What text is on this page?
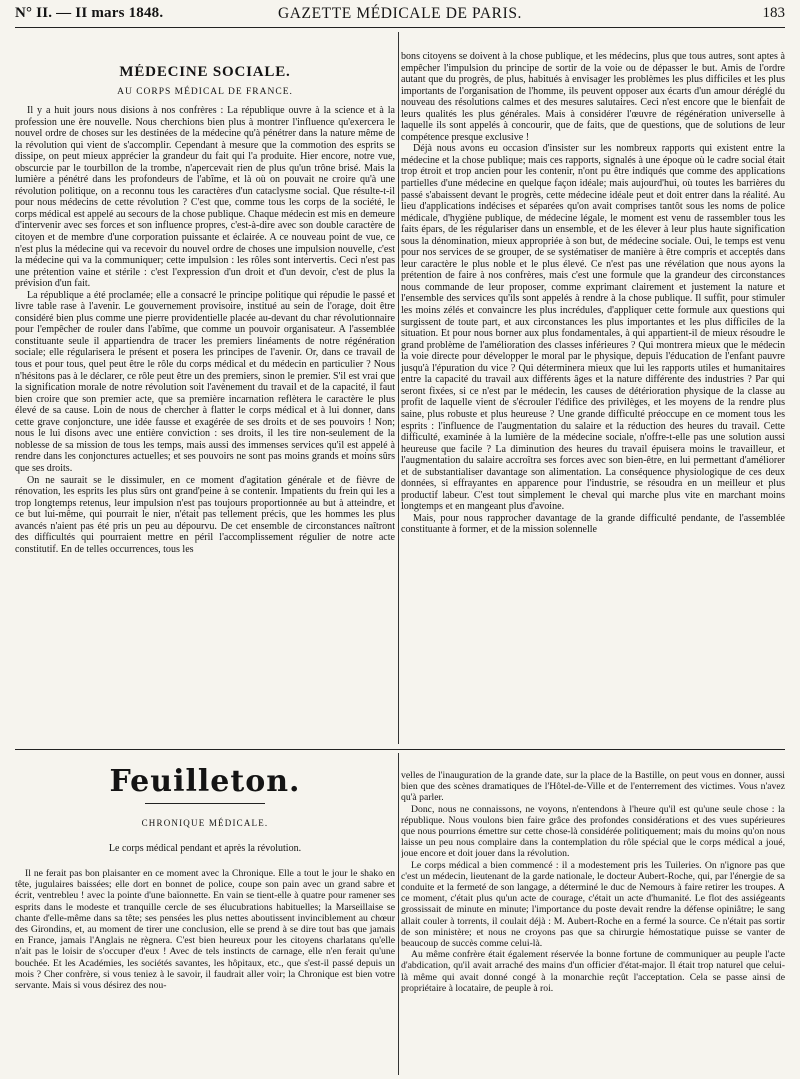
N° II. — II mars 1848.	GAZETTE MÉDICALE DE PARIS.	183
MÉDECINE SOCIALE.
AU CORPS MÉDICAL DE FRANCE.

Il y a huit jours nous disions à nos confrères : La république ouvre à la science et à la profession une ère nouvelle. Nous cherchions bien plus à montrer l'influence qu'exercera le nouvel ordre de choses sur les destinées de la médecine qu'à pénétrer dans la nature même de la révolution qui vient de s'accomplir. Cependant à mesure que la commotion des esprits se dissipe, on peut mieux apprécier la grandeur du fait qui l'a produite. Hier encore, notre vue, obscurcie par le tourbillon de la trombe, n'apercevait rien de plus qu'un trône brisé. Mais la lumière a pénétré dans les profondeurs de l'abîme, et là où on pouvait ne croire qu'à une révolution politique, on a reconnu tous les caractères d'un cataclysme social. Que résulte-t-il pour nous médecins de cette révolution ? C'est que, comme tous les corps de la société, le corps médical est appelé au secours de la chose publique. Chaque médecin est mis en demeure d'intervenir avec ses forces et son influence propres, c'est-à-dire avec son double caractère de citoyen et de membre d'une corporation puissante et éclairée. A ce nouveau point de vue, ce n'est plus la médecine qui va recevoir du nouvel ordre de choses une impulsion nouvelle, c'est la médecine qui va la communiquer; cette impulsion : les rôles sont intervertis. Ceci n'est pas une prétention vaine et stérile : c'est l'expression d'un droit et d'un devoir, c'est de plus la prévision d'un fait.

La république a été proclamée; elle a consacré le principe politique qui répudie le passé et livre table rase à l'avenir. Le gouvernement provisoire, institué au sein de l'orage, doit être considéré bien plus comme une pierre providentielle placée au-devant du char révolutionnaire pour l'empêcher de rouler dans l'abîme, que comme un pouvoir organisateur. A l'assemblée constituante seule il appartiendra de tracer les premiers linéaments de notre régénération sociale; elle régularisera le présent et posera les principes de l'avenir. Or, dans ce travail de tous et pour tous, quel peut être le rôle du corps médical et du médecin en particulier ? Nous n'hésitons pas à le déclarer, ce rôle peut être un des premiers, sinon le premier. S'il est vrai que la signification morale de notre révolution soit l'avènement du travail et de la capacité, il faut bien croire que son premier acte, que sa première incarnation reflètera le caractère le plus élevé de sa cause. Loin de nous de chercher à flatter le corps médical et à lui donner, dans cette grave conjoncture, une idée fausse et exagérée de ses droits et de ses pouvoirs ! Non; nous le lui disons avec une entière conviction : ses droits, il les tire non-seulement de la noblesse de sa mission de tous les temps, mais aussi des immenses services qu'il est appelé à rendre dans les conjonctures actuelles; et ses pouvoirs ne sont pas moins grands et moins sûrs que ses droits.

On ne saurait se le dissimuler, en ce moment d'agitation générale et de fièvre de rénovation, les esprits les plus sûrs ont grand'peine à se contenir. Impatients du frein qui les a trop longtemps retenus, leur impulsion n'est pas toujours proportionnée au but à atteindre, et ce but lui-même, qui pourrait le nier, n'était pas tellement précis, que les hommes les plus avancés n'aient pas été pris un peu au dépourvu. De cet ensemble de circonstances naîtront des difficultés qui pourraient mettre en péril l'accomplissement régulier de notre acte constitutif. En de telles occurrences, tous les

bons citoyens se doivent à la chose publique, et les médecins, plus que tous autres, sont aptes à empêcher l'impulsion du principe de sortir de la voie ou de dépasser le but. Amis de l'ordre autant que du progrès, de plus, habitués à envisager les problèmes les plus difficiles et les plus importants de l'organisation de l'homme, ils peuvent opposer aux écarts d'un amour déréglé du nouveau des résolutions calmes et des mesures salutaires. Ceci n'est encore que le bienfait de leurs qualités les plus générales. Mais à considérer l'œuvre de régénération universelle à laquelle ils sont appelés à concourir, que de faits, que de questions, que de solutions de leur compétence presque exclusive !

Déjà nous avons eu occasion d'insister sur les nombreux rapports qui existent entre la médecine et la chose publique; mais ces rapports, signalés à une époque où le cadre social était trop étroit et trop ancien pour les contenir, n'ont pu être indiqués que comme des applications partielles d'une médecine en quelque façon idéale; mais aujourd'hui, où toutes les barrières du passé s'abaissent devant le progrès, cette médecine idéale peut et doit entrer dans la réalité. Au lieu d'applications indécises et séparées qu'on avait comprises tantôt sous les noms de police médicale, d'hygiène publique, de médecine légale, le moment est venu de rassembler tous les faits épars, de les régulariser dans un ensemble, et de les élever à leur plus haute signification sous la dénomination, mieux appropriée à son but, de médecine sociale. Oui, le temps est venu pour nos services de se grouper, de se systématiser de manière à être compris et acceptés dans leur caractère le plus noble et le plus élevé. Ce n'est pas une révélation que nous ayons la prétention de faire à nos confrères, mais c'est une formule que la grandeur des circonstances nous commande de leur proposer, comme exprimant clairement et justement la nature et l'ensemble des services qu'ils sont appelés à rendre à la chose publique. Il suffit, pour stimuler les moins zélés et convaincre les plus incrédules, d'appliquer cette formule aux questions qui surgissent de toute part, et aux circonstances les plus importantes et les plus difficiles de la situation. Et pour nous borner aux plus fondamentales, à qui appartient-il de mieux résoudre le grand problème de l'amélioration des classes inférieures ? Qui montrera mieux que le médecin la voie directe pour développer le moral par le physique, depuis l'éducation de l'enfant pauvre jusqu'à l'épuration du vice ? Qui déterminera mieux que lui les rapports utiles et humanitaires entre la capacité du travail aux différents âges et la nature différente des industries ? Par qui seront fixées, si ce n'est par le médecin, les causes de détérioration physique de la classe au profit de laquelle vient de s'écrouler l'édifice des privilèges, et les moyens de la rendre plus saine, plus robuste et plus heureuse ? Une grande difficulté préoccupe en ce moment tous les esprits : l'influence de l'augmentation du salaire et la réduction des heures du travail. Cette difficulté, examinée à la lumière de la médecine sociale, n'offre-t-elle pas une solution aussi heureuse que facile ? La diminution des heures du travail épuisera moins le travailleur, et l'augmentation du salaire accroîtra ses forces avec son bien-être, en lui permettant d'améliorer et de substantialiser davantage son alimentation. La conséquence physiologique de ces deux données, si effrayantes en apparence pour l'industrie, se résoudra en un meilleur et plus productif labeur. C'est tout simplement le cheval qui marche plus vite en marchant moins longtemps et en mangeant plus d'avoine.

Mais, pour nous rapprocher davantage de la grande difficulté pendante, de l'assemblée constituante à former, et de la mission solennelle

Feuilleton.
CHRONIQUE MÉDICALE.
Le corps médical pendant et après la révolution.

Il ne ferait pas bon plaisanter en ce moment avec la Chronique. Elle a tout le jour le shako en tête, jugulaires baissées; elle dort en bonnet de police, coupe son pain avec un grand sabre et écrit, ventrebleu ! avec la pointe d'une baïonnette. En vain se tient-elle à quatre pour ramener ses esprits dans le modeste et tranquille cercle de ses élucubrations habituelles; la Marseillaise se chante d'elle-même dans sa tête; ses pensées les plus nettes aboutissent invinciblement au chœur des Girondins, et, au moment de tirer une conclusion, elle se prend à se dire tout bas que jamais en France, jamais l'Anglais ne règnera. C'est bien heureux pour les citoyens charlatans qu'elle n'ait pas le loisir de s'occuper d'eux ! Avec de tels instincts de carnage, elle n'en ferait qu'une bouchée. Et les Académies, les sociétés savantes, les hôpitaux, etc., que s'est-il passé depuis un mois ? Cher confrère, si vous teniez à le savoir, il faudrait aller voir; la Chronique est bien votre servante. Mais si vous désirez des nou-

velles de l'inauguration de la grande date, sur la place de la Bastille, on peut vous en donner, aussi bien que des scènes dramatiques de l'Hôtel-de-Ville et de l'enterrement des victimes. Vous n'avez qu'à parler.

Donc, nous ne connaissons, ne voyons, n'entendons à l'heure qu'il est qu'une seule chose : la république. Nous voulons bien faire grâce des profondes considérations et des vues supérieures que nous pourrions émettre sur cette chose-là considérée politiquement; mais du moins qu'on nous laisse un peu nous complaire dans la contemplation du rôle spécial que le corps médical a joué, joue encore et doit jouer dans la révolution.

Le corps médical a bien commencé : il a modestement pris les Tuileries. On n'ignore pas que c'est un médecin, lieutenant de la garde nationale, le docteur Aubert-Roche, qui, par l'énergie de sa conduite et la fermeté de son langage, a déterminé le duc de Nemours à faire retirer les troupes. A ce moment, c'était plus qu'un acte de courage, c'était un acte d'humanité. Le flot des assiégeants grossissait de minute en minute; l'importance du poste devait rendre la défense opiniâtre; le sang allait couler à torrents, il coulait déjà : M. Aubert-Roche en a fermé la source. Ce n'était pas sortir de son ministère; et nous ne croyons pas que sa chirurgie hémostatique puisse se vanter de beaucoup de succès comme celui-là.

Au même confrère était également réservée la bonne fortune de communiquer au peuple l'acte d'abdication, qu'il avait arraché des mains d'un officier d'état-major. Il était trop naturel que celui-là même qui avait donné congé à la monarchie reçût l'acceptation. Cela se passe ainsi de propriétaire à locataire, de peuple à roi.
